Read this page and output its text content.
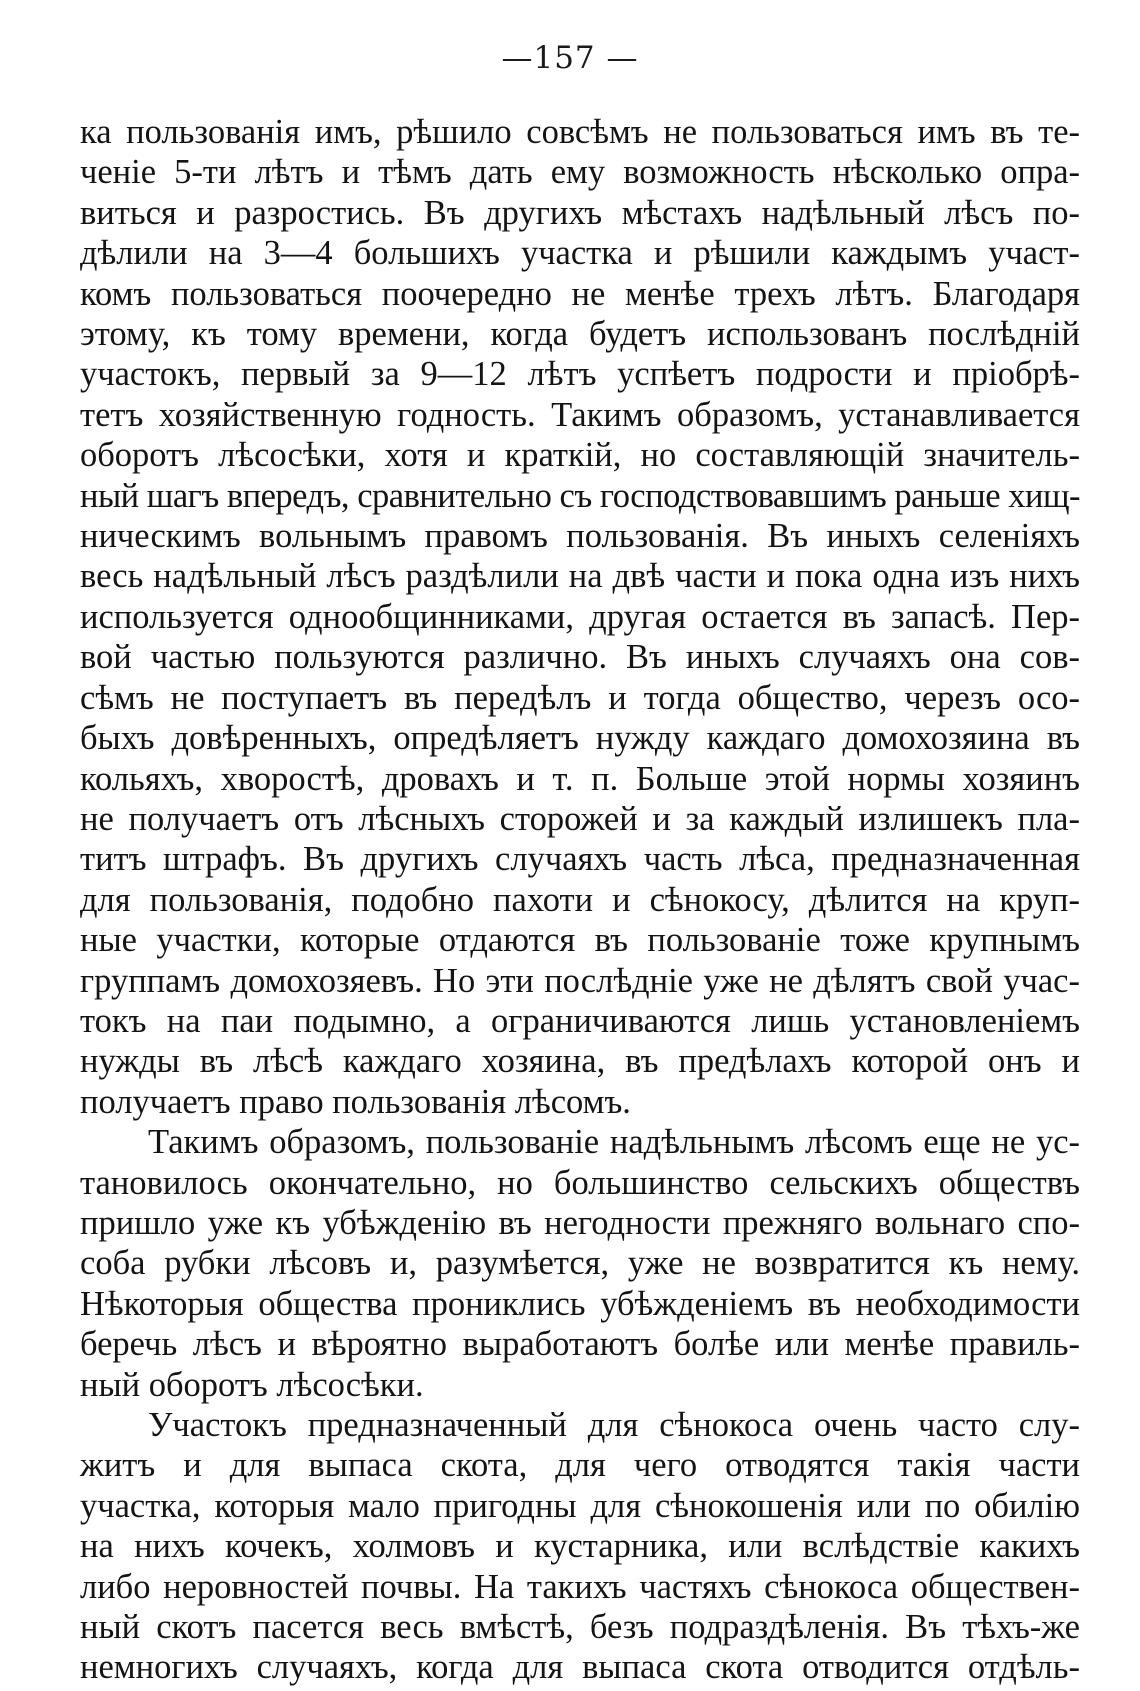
—157 —

ка пользованія имъ, рѣшило совсѣмъ не пользоваться имъ въ те-
ченіе 5-ти лѣтъ и тѣмъ дать ему возможность нѣсколько опра-
виться и разростись. Въ другихъ мѣстахъ надѣльный лѣсъ по-
дѣлили на 3—4 большихъ участка и рѣшили каждымъ участ-
комъ пользоваться поочередно не менѣе трехъ лѣтъ. Благодаря
этому, къ тому времени, когда будетъ использованъ послѣдній
участокъ, первый за 9—12 лѣтъ успѣетъ подрости и пріобрѣ-
тетъ хозяйственную годность. Такимъ образомъ, устанавливается
оборотъ лѣсосѣки, хотя и краткій, но составляющій значитель-
ный шагъ впередъ, сравнительно съ господствовавшимъ раньше хищ-
ническимъ вольнымъ правомъ пользованія. Въ иныхъ селеніяхъ
весь надѣльный лѣсъ раздѣлили на двѣ части и пока одна изъ нихъ
используется однообщинниками, другая остается въ запасѣ. Пер-
вой частью пользуются различно. Въ иныхъ случаяхъ она сов-
сѣмъ не поступаетъ въ передѣлъ и тогда общество, черезъ осо-
быхъ довѣренныхъ, опредѣляетъ нужду каждаго домохозяина въ
кольяхъ, хворостѣ, дровахъ и т. п. Больше этой нормы хозяинъ
не получаетъ отъ лѣсныхъ сторожей и за каждый излишекъ пла-
титъ штрафъ. Въ другихъ случаяхъ часть лѣса, предназначенная
для пользованія, подобно пахоти и сѣнокосу, дѣлится на круп-
ные участки, которые отдаются въ пользованіе тоже крупнымъ
группамъ домохозяевъ. Но эти послѣдніе уже не дѣлятъ свой учас-
токъ на паи подымно, а ограничиваются лишь установленіемъ
нужды въ лѣсѣ каждаго хозяина, въ предѣлахъ которой онъ и
получаетъ право пользованія лѣсомъ.

Такимъ образомъ, пользованіе надѣльнымъ лѣсомъ еще не ус-
тановилось окончательно, но большинство сельскихъ обществъ
пришло уже къ убѣжденію въ негодности прежняго вольнаго спо-
соба рубки лѣсовъ и, разумѣется, уже не возвратится къ нему.
Нѣкоторыя общества прониклись убѣжденіемъ въ необходимости
беречь лѣсъ и вѣроятно выработаютъ болѣе или менѣе правиль-
ный оборотъ лѣсосѣки.

Участокъ предназначенный для сѣнокоса очень часто слу-
житъ и для выпаса скота, для чего отводятся такія части
участка, которыя мало пригодны для сѣнокошенія или по обилію
на нихъ кочекъ, холмовъ и кустарника, или вслѣдствіе какихъ
либо неровностей почвы. На такихъ частяхъ сѣнокоса обществен-
ный скотъ пасется весь вмѣстѣ, безъ подраздѣленія. Въ тѣхъ-же
немногихъ случаяхъ, когда для выпаса скота отводится отдѣль-
